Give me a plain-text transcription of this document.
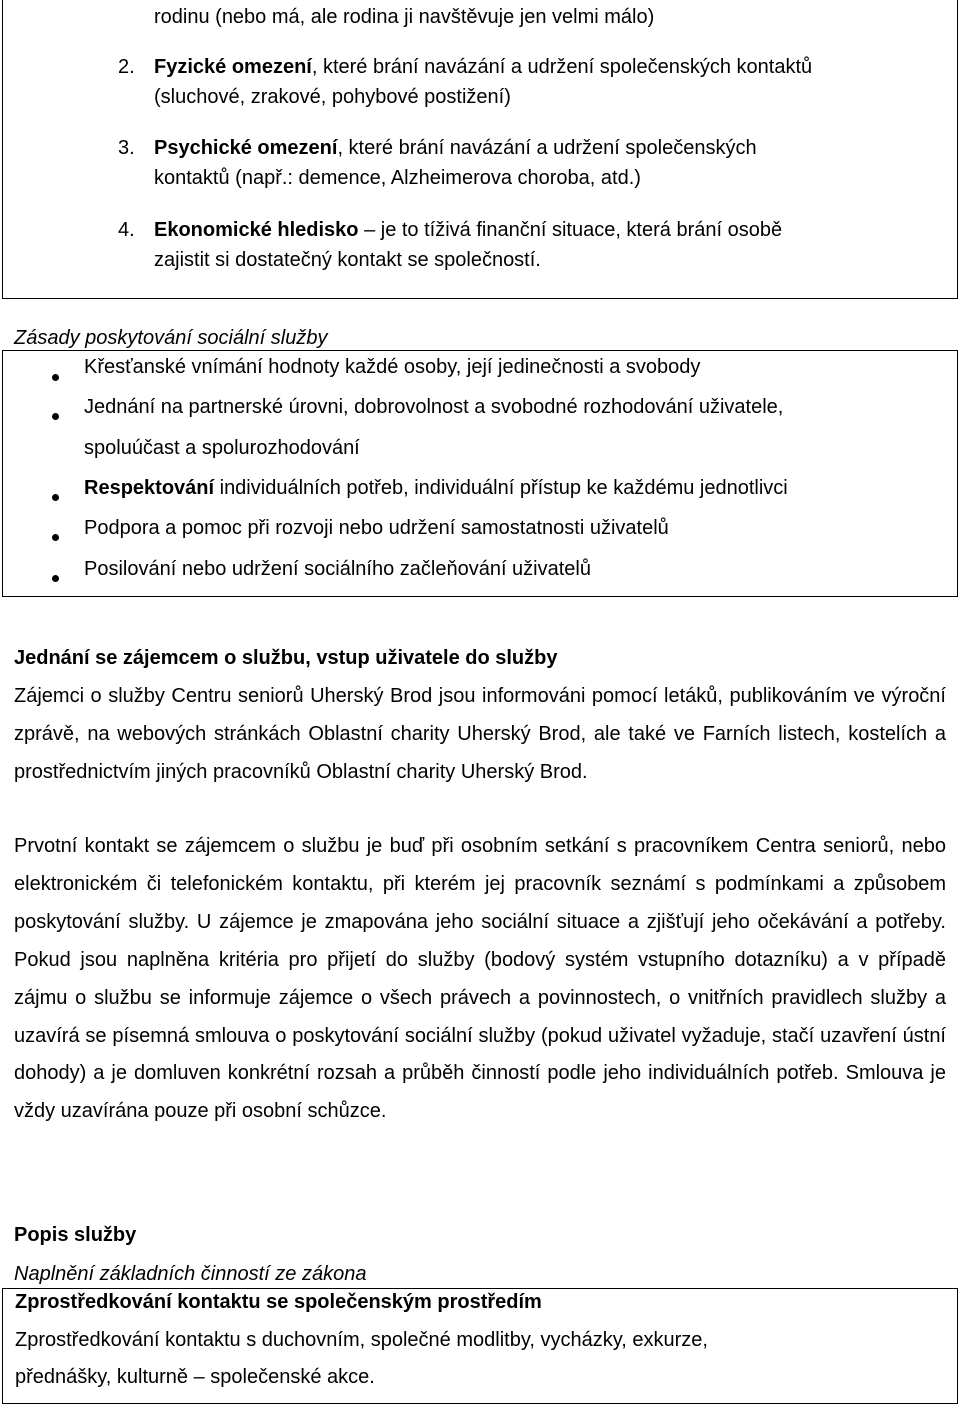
rodinu (nebo má, ale rodina ji navštěvuje jen velmi málo)
2. Fyzické omezení, které brání navázání a udržení společenských kontaktů
(sluchové, zrakové, pohybové postižení)
3. Psychické omezení, které brání navázání a udržení společenských
kontaktů (např.: demence, Alzheimerova choroba, atd.)
4. Ekonomické hledisko – je to tíživá finanční situace, která brání osobě
zajistit si dostatečný kontakt se společností.
Zásady poskytování sociální služby
Křesťanské vnímání hodnoty každé osoby, její jedinečnosti a svobody
Jednání na partnerské úrovni, dobrovolnost a svobodné rozhodování uživatele,
spoluúčast a spolurozhodování
Respektování individuálních potřeb, individuální přístup ke každému jednotlivci
Podpora a pomoc při rozvoji nebo udržení samostatnosti uživatelů
Posilování nebo udržení sociálního začleňování uživatelů
Jednání se zájemcem o službu, vstup uživatele do služby
Zájemci o služby Centru seniorů Uherský Brod jsou informováni pomocí letáků, publikováním ve výroční zprávě, na webových stránkách Oblastní charity Uherský Brod, ale také ve Farních listech, kostelích a prostřednictvím jiných pracovníků Oblastní charity Uherský Brod.
Prvotní kontakt se zájemcem o službu je buď při osobním setkání s pracovníkem Centra seniorů, nebo elektronickém či telefonickém kontaktu, při kterém jej pracovník seznámí s podmínkami a způsobem poskytování služby. U zájemce je zmapována jeho sociální situace a zjišťují jeho očekávání a potřeby. Pokud jsou naplněna kritéria pro přijetí do služby (bodový systém vstupního dotazníku) a v případě zájmu o službu se informuje zájemce o všech právech a povinnostech, o vnitřních pravidlech služby a uzavírá se písemná smlouva o poskytování sociální služby (pokud uživatel vyžaduje, stačí uzavření ústní dohody) a je domluven konkrétní rozsah a průběh činností podle jeho individuálních potřeb. Smlouva je vždy uzavírána pouze při osobní schůzce.
Popis služby
Naplnění základních činností ze zákona
Zprostředkování kontaktu se společenským prostředím
Zprostředkování kontaktu s duchovním, společné modlitby, vycházky, exkurze,
přednášky, kulturně – společenské akce.
